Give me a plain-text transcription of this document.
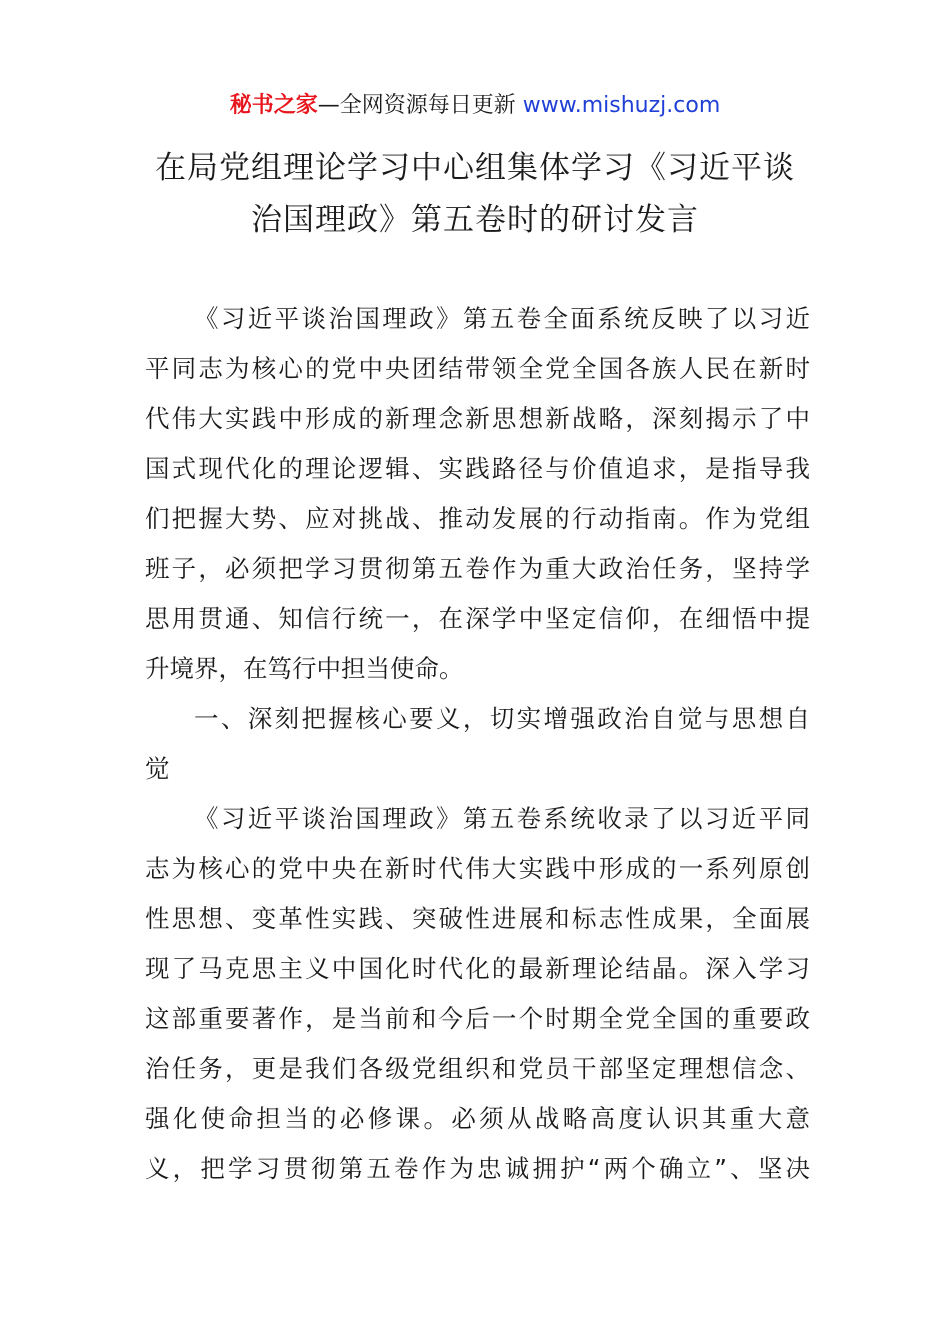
秘书之家—全网资源每日更新 www.mishuzj.com
在局党组理论学习中心组集体学习《习近平谈
治国理政》第五卷时的研讨发言
《习近平谈治国理政》第五卷全面系统反映了以习近
平同志为核心的党中央团结带领全党全国各族人民在新时
代伟大实践中形成的新理念新思想新战略，深刻揭示了中
国式现代化的理论逻辑、实践路径与价值追求，是指导我
们把握大势、应对挑战、推动发展的行动指南。作为党组
班子，必须把学习贯彻第五卷作为重大政治任务，坚持学
思用贯通、知信行统一，在深学中坚定信仰，在细悟中提
升境界，在笃行中担当使命。
一、深刻把握核心要义，切实增强政治自觉与思想自
觉
《习近平谈治国理政》第五卷系统收录了以习近平同
志为核心的党中央在新时代伟大实践中形成的一系列原创
性思想、变革性实践、突破性进展和标志性成果，全面展
现了马克思主义中国化时代化的最新理论结晶。深入学习
这部重要著作，是当前和今后一个时期全党全国的重要政
治任务，更是我们各级党组织和党员干部坚定理想信念、
强化使命担当的必修课。必须从战略高度认识其重大意
义，把学习贯彻第五卷作为忠诚拥护“两个确立”、坚决
